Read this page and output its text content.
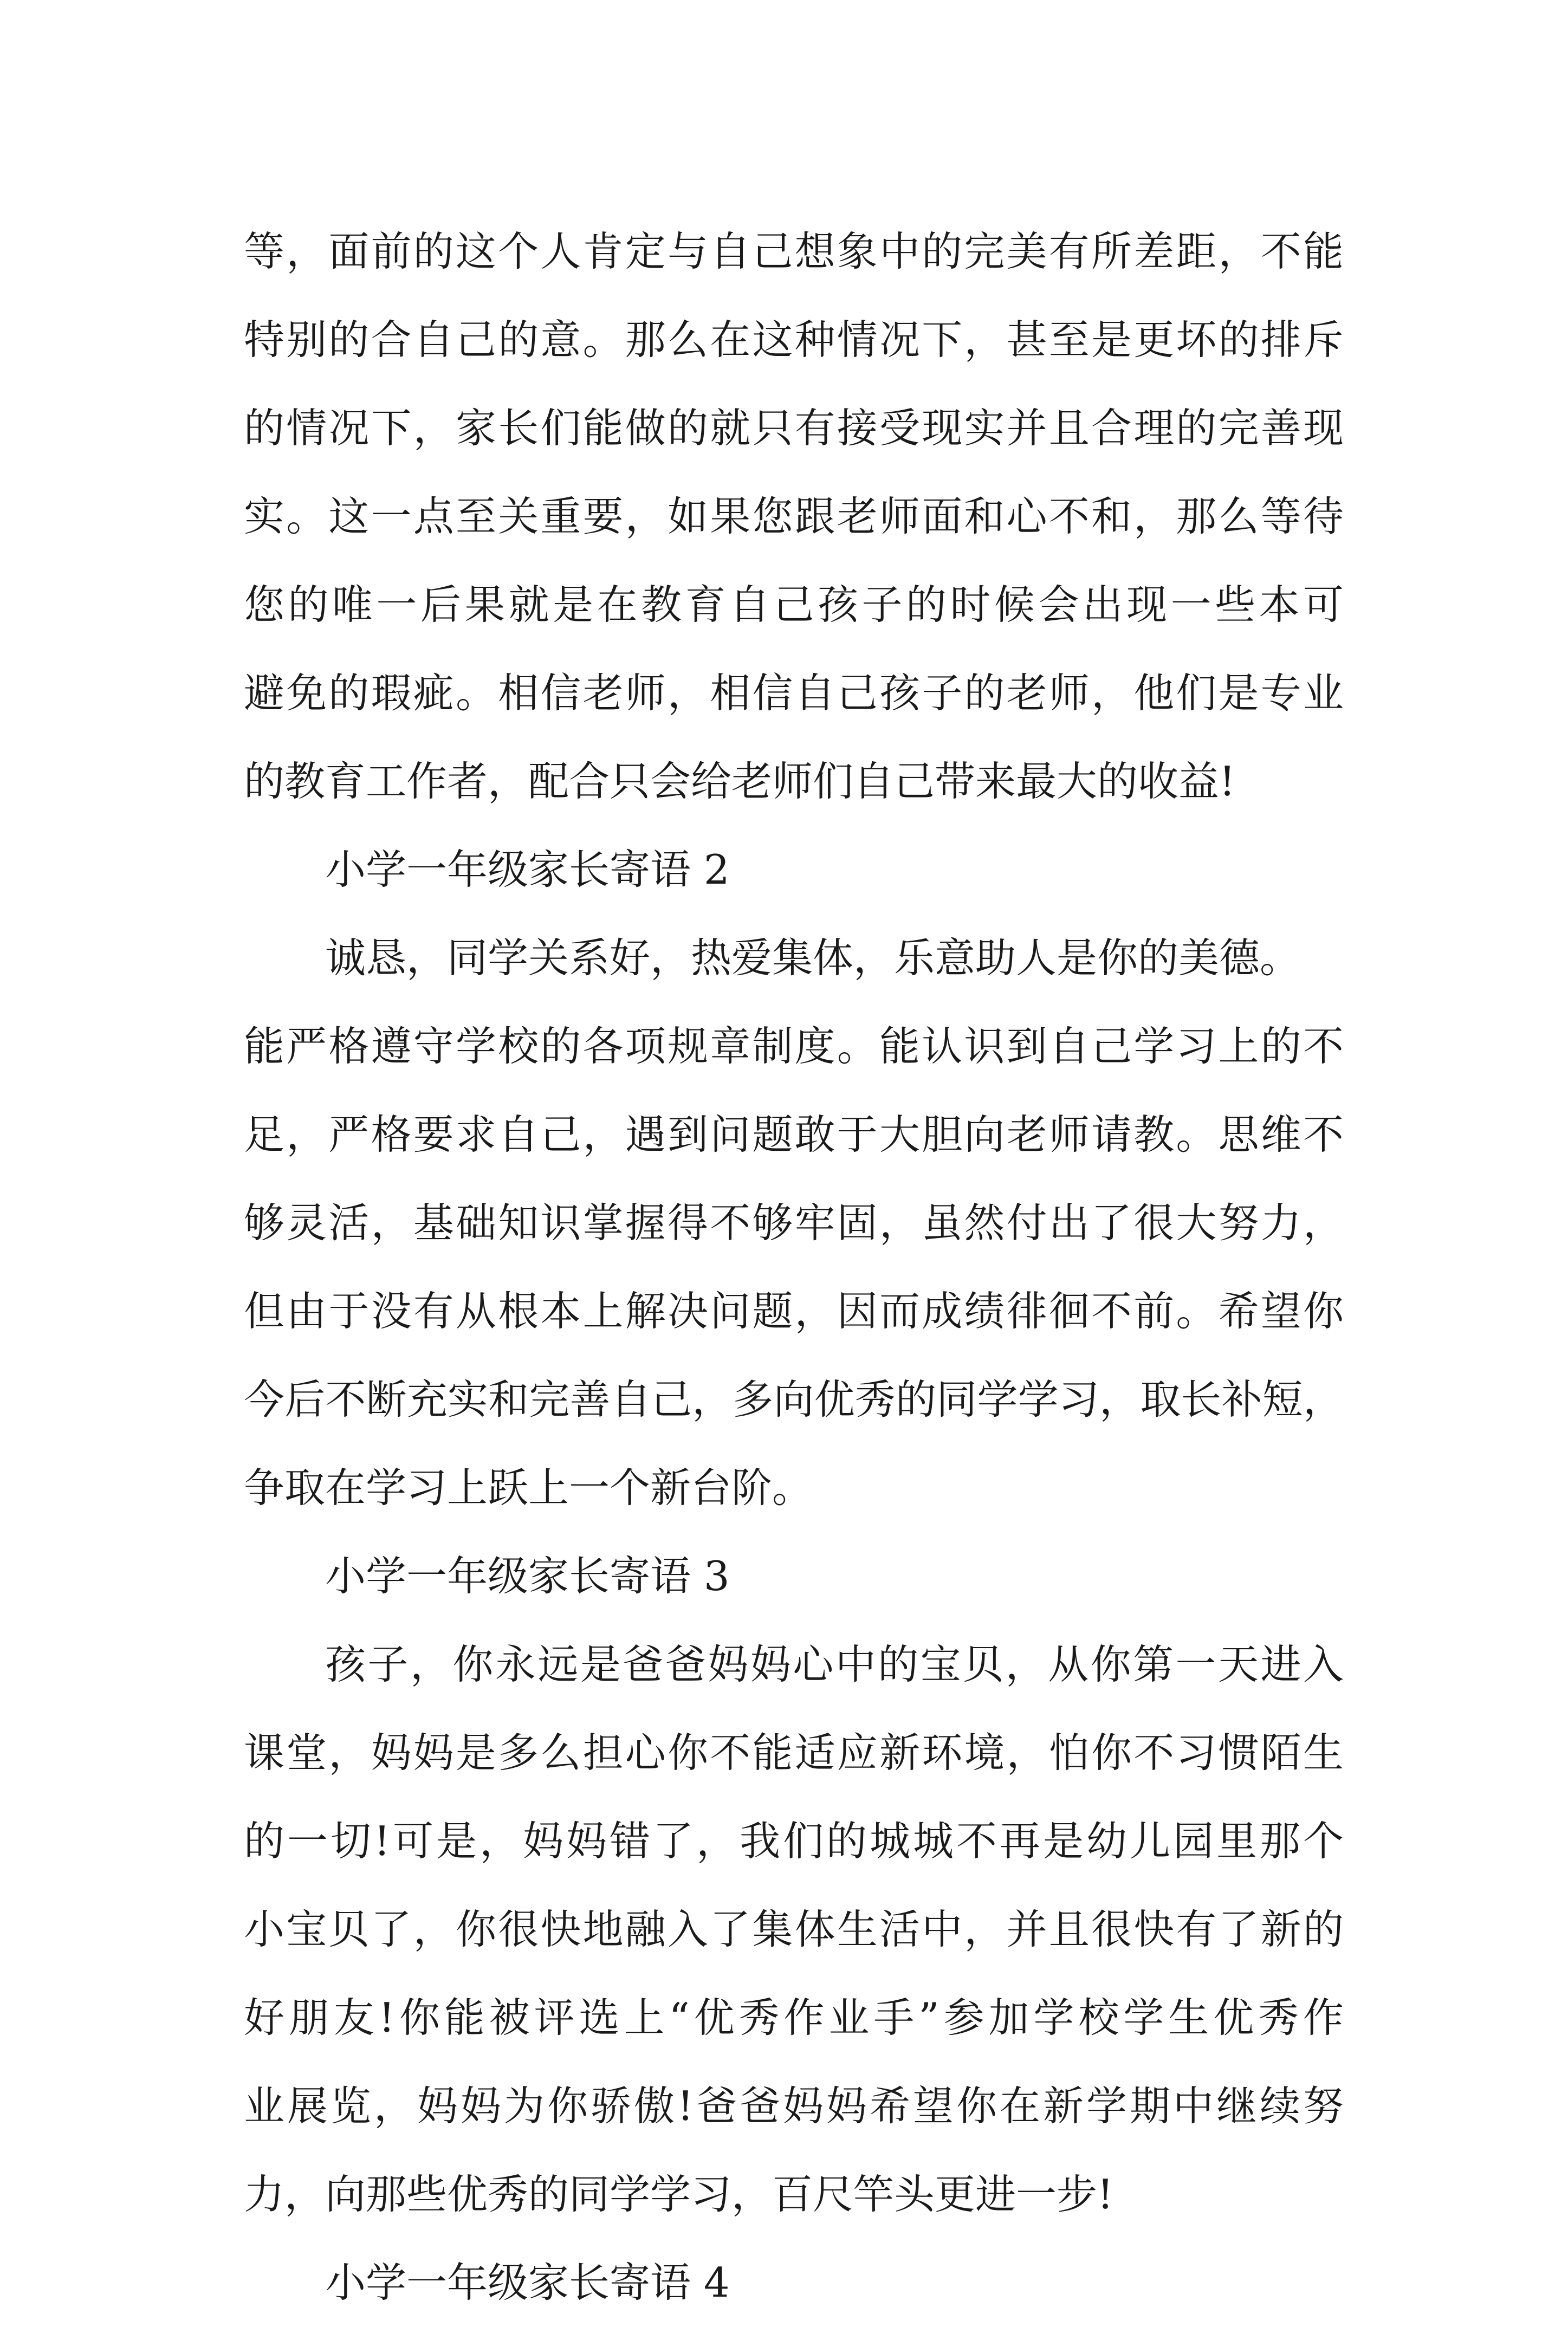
等，面前的这个人肯定与自己想象中的完美有所差距，不能
特别的合自己的意。那么在这种情况下，甚至是更坏的排斥
的情况下，家长们能做的就只有接受现实并且合理的完善现
实。这一点至关重要，如果您跟老师面和心不和，那么等待
您的唯一后果就是在教育自己孩子的时候会出现一些本可
避免的瑕疵。相信老师，相信自己孩子的老师，他们是专业
的教育工作者，配合只会给老师们自己带来最大的收益!
小学一年级家长寄语 2
诚恳，同学关系好，热爱集体，乐意助人是你的美德。
能严格遵守学校的各项规章制度。能认识到自己学习上的不
足，严格要求自己，遇到问题敢于大胆向老师请教。思维不
够灵活，基础知识掌握得不够牢固，虽然付出了很大努力，
但由于没有从根本上解决问题，因而成绩徘徊不前。希望你
今后不断充实和完善自己，多向优秀的同学学习，取长补短，
争取在学习上跃上一个新台阶。
小学一年级家长寄语 3
孩子，你永远是爸爸妈妈心中的宝贝，从你第一天进入
课堂，妈妈是多么担心你不能适应新环境，怕你不习惯陌生
的一切!可是，妈妈错了，我们的城城不再是幼儿园里那个
小宝贝了，你很快地融入了集体生活中，并且很快有了新的
好朋友!你能被评选上“优秀作业手”参加学校学生优秀作
业展览，妈妈为你骄傲!爸爸妈妈希望你在新学期中继续努
力，向那些优秀的同学学习，百尺竿头更进一步!
小学一年级家长寄语 4
